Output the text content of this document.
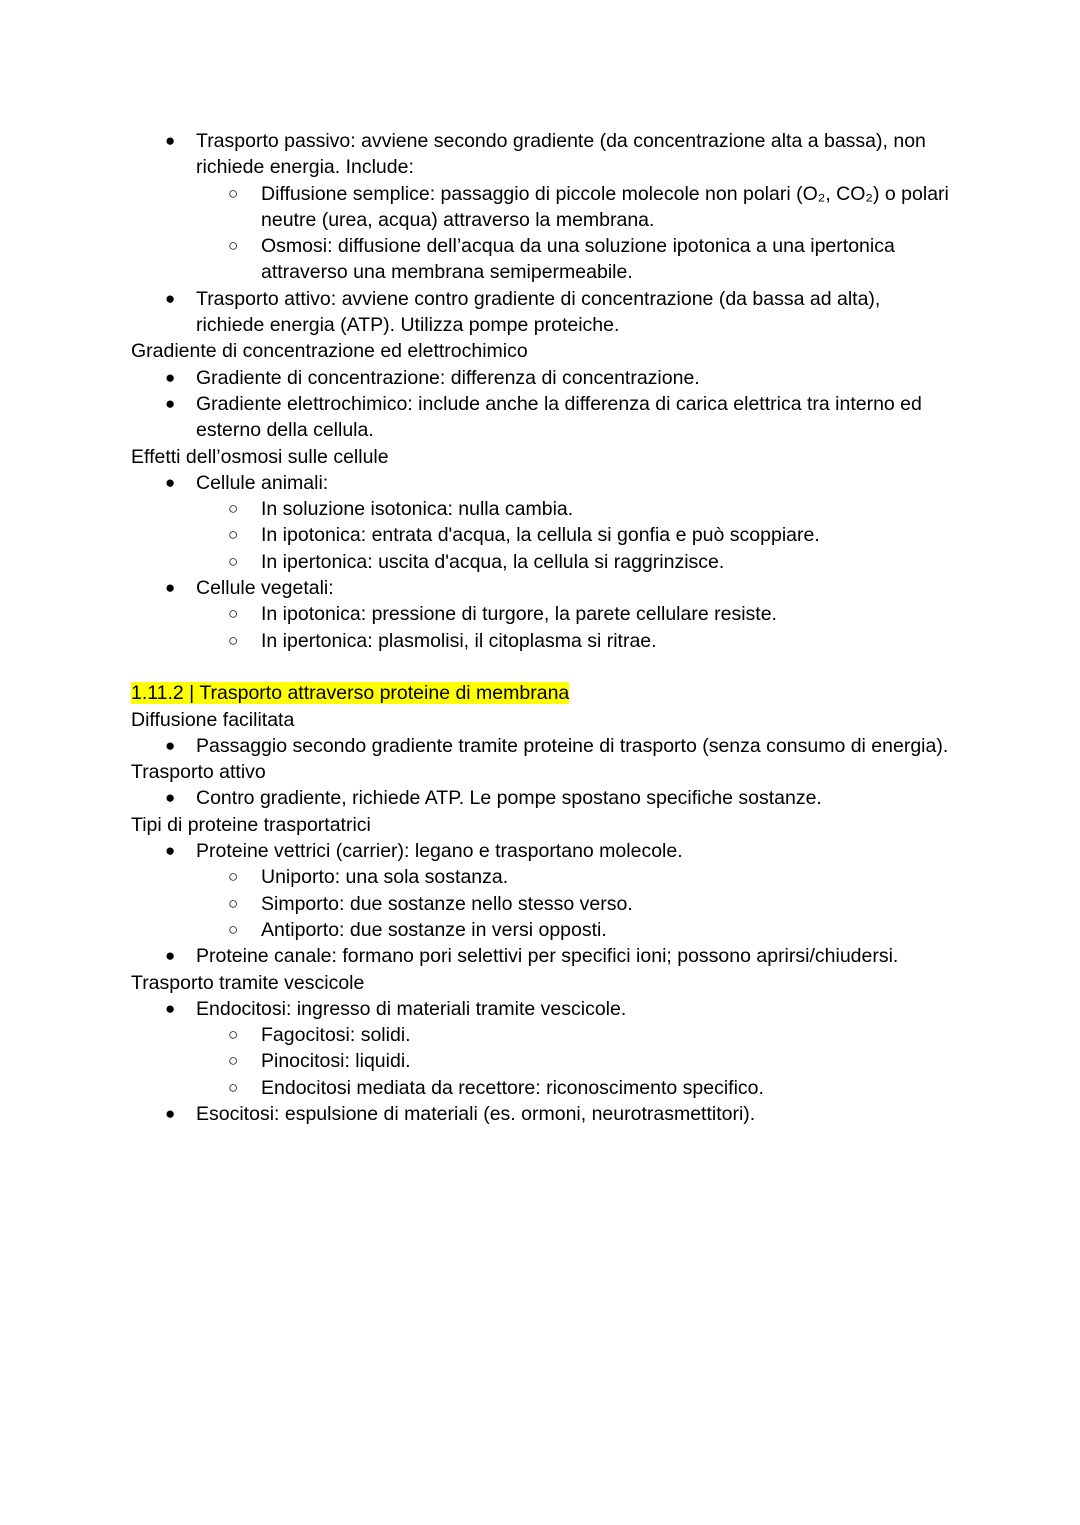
● Trasporto passivo: avviene secondo gradiente (da concentrazione alta a bassa), non richiede energia. Include:
○ Diffusione semplice: passaggio di piccole molecole non polari (O₂, CO₂) o polari neutre (urea, acqua) attraverso la membrana.
○ Osmosi: diffusione dell’acqua da una soluzione ipotonica a una ipertonica attraverso una membrana semipermeabile.
● Trasporto attivo: avviene contro gradiente di concentrazione (da bassa ad alta), richiede energia (ATP). Utilizza pompe proteiche.
Gradiente di concentrazione ed elettrochimico
● Gradiente di concentrazione: differenza di concentrazione.
● Gradiente elettrochimico: include anche la differenza di carica elettrica tra interno ed esterno della cellula.
Effetti dell’osmosi sulle cellule
● Cellule animali:
○ In soluzione isotonica: nulla cambia.
○ In ipotonica: entrata d'acqua, la cellula si gonfia e può scoppiare.
○ In ipertonica: uscita d'acqua, la cellula si raggrinzisce.
● Cellule vegetali:
○ In ipotonica: pressione di turgore, la parete cellulare resiste.
○ In ipertonica: plasmolisi, il citoplasma si ritrae.
1.11.2 | Trasporto attraverso proteine di membrana
Diffusione facilitata
● Passaggio secondo gradiente tramite proteine di trasporto (senza consumo di energia).
Trasporto attivo
● Contro gradiente, richiede ATP. Le pompe spostano specifiche sostanze.
Tipi di proteine trasportatrici
● Proteine vettrici (carrier): legano e trasportano molecole.
○ Uniporto: una sola sostanza.
○ Simporto: due sostanze nello stesso verso.
○ Antiporto: due sostanze in versi opposti.
● Proteine canale: formano pori selettivi per specifici ioni; possono aprirsi/chiudersi.
Trasporto tramite vescicole
● Endocitosi: ingresso di materiali tramite vescicole.
○ Fagocitosi: solidi.
○ Pinocitosi: liquidi.
○ Endocitosi mediata da recettore: riconoscimento specifico.
● Esocitosi: espulsione di materiali (es. ormoni, neurotrasmettitori).
